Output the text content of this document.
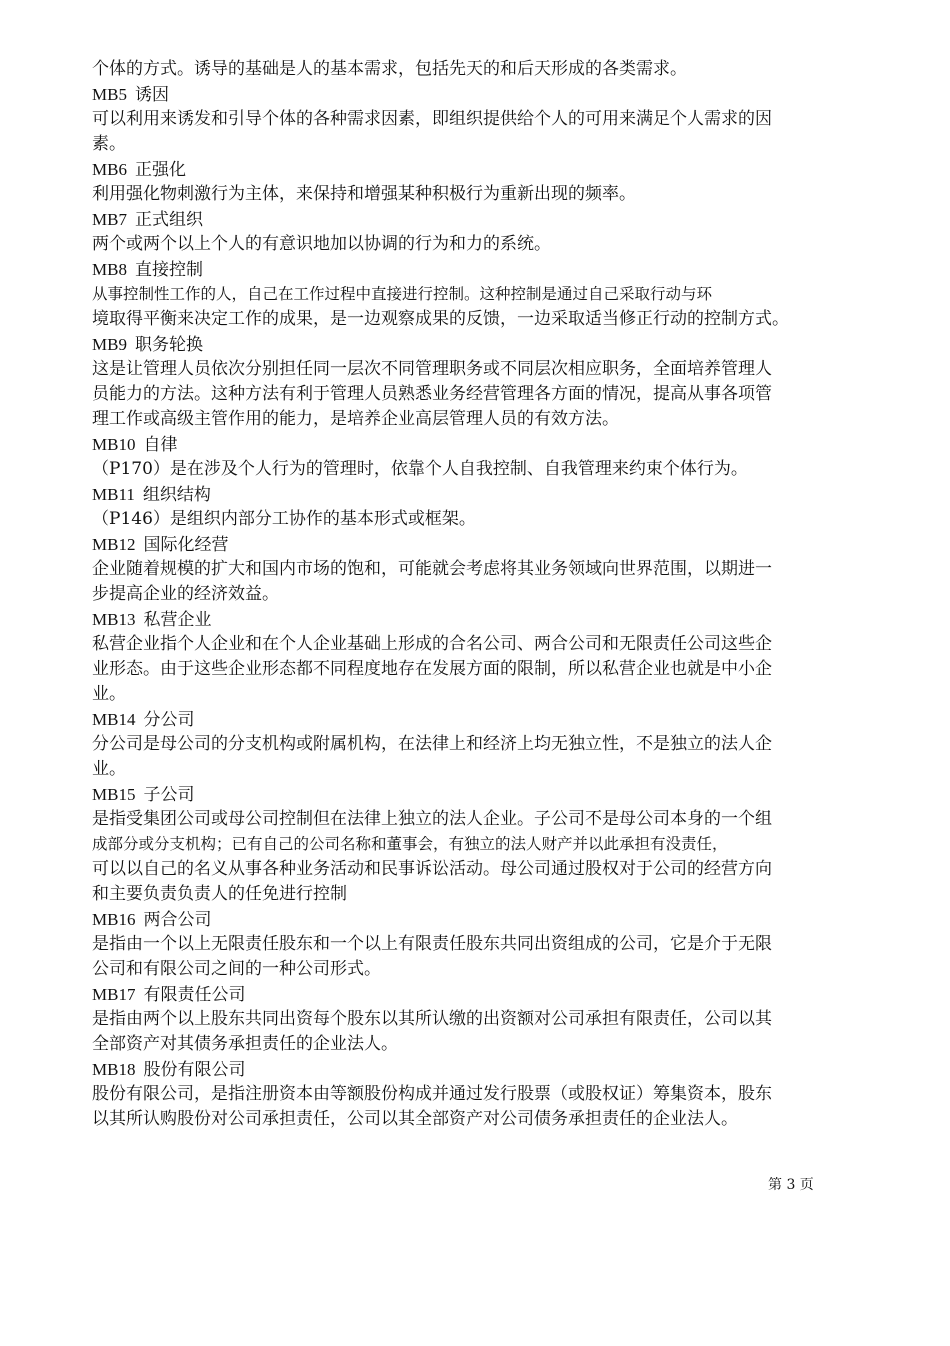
个体的方式。诱导的基础是人的基本需求，包括先天的和后天形成的各类需求。
MB5 诱因
可以利用来诱发和引导个体的各种需求因素，即组织提供给个人的可用来满足个人需求的因
素。
MB6 正强化
利用强化物刺激行为主体，来保持和增强某种积极行为重新出现的频率。
MB7 正式组织
两个或两个以上个人的有意识地加以协调的行为和力的系统。
MB8 直接控制
从事控制性工作的人，自己在工作过程中直接进行控制。这种控制是通过自己采取行动与环
境取得平衡来决定工作的成果，是一边观察成果的反馈，一边采取适当修正行动的控制方式。
MB9 职务轮换
这是让管理人员依次分别担任同一层次不同管理职务或不同层次相应职务，全面培养管理人
员能力的方法。这种方法有利于管理人员熟悉业务经营管理各方面的情况，提高从事各项管
理工作或高级主管作用的能力，是培养企业高层管理人员的有效方法。
MB10 自律
（P170）是在涉及个人行为的管理时，依靠个人自我控制、自我管理来约束个体行为。
MB11 组织结构
（P146）是组织内部分工协作的基本形式或框架。
MB12 国际化经营
企业随着规模的扩大和国内市场的饱和，可能就会考虑将其业务领域向世界范围，以期进一
步提高企业的经济效益。
MB13 私营企业
私营企业指个人企业和在个人企业基础上形成的合名公司、两合公司和无限责任公司这些企
业形态。由于这些企业形态都不同程度地存在发展方面的限制，所以私营企业也就是中小企
业。
MB14 分公司
分公司是母公司的分支机构或附属机构，在法律上和经济上均无独立性，不是独立的法人企
业。
MB15 子公司
是指受集团公司或母公司控制但在法律上独立的法人企业。子公司不是母公司本身的一个组
成部分或分支机构；已有自己的公司名称和董事会，有独立的法人财产并以此承担有没责任，
可以以自己的名义从事各种业务活动和民事诉讼活动。母公司通过股权对于公司的经营方向
和主要负责负责人的任免进行控制
MB16 两合公司
是指由一个以上无限责任股东和一个以上有限责任股东共同出资组成的公司，它是介于无限
公司和有限公司之间的一种公司形式。
MB17 有限责任公司
是指由两个以上股东共同出资每个股东以其所认缴的出资额对公司承担有限责任，公司以其
全部资产对其债务承担责任的企业法人。
MB18 股份有限公司
股份有限公司，是指注册资本由等额股份构成并通过发行股票（或股权证）筹集资本，股东
以其所认购股份对公司承担责任，公司以其全部资产对公司债务承担责任的企业法人。
第 3 页
